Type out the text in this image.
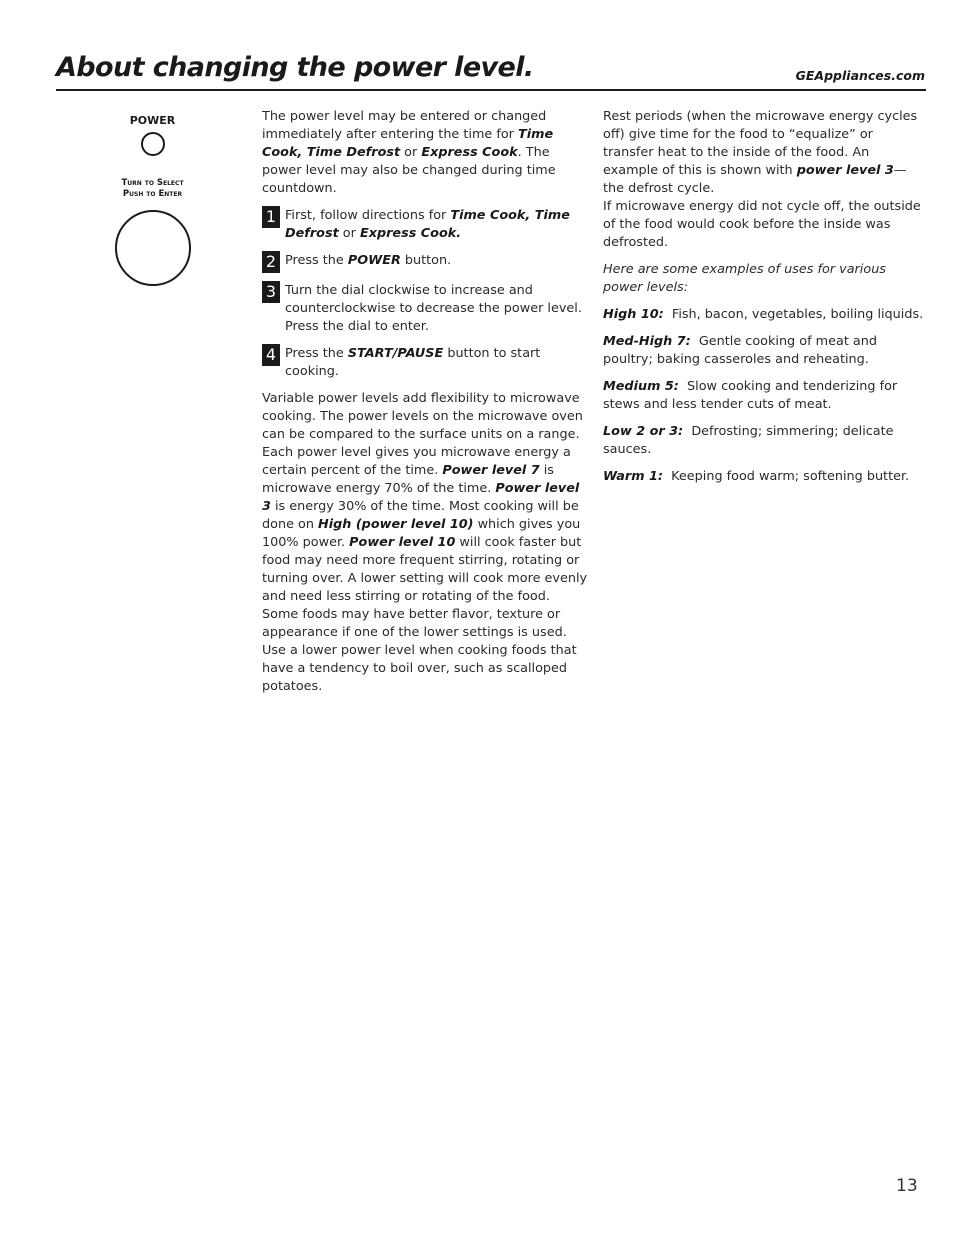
About changing the power level.	GEAppliances.com
POWER
Turn to Select
Push to Enter

The power level may be entered or changed immediately after entering the time for Time Cook, Time Defrost or Express Cook. The power level may also be changed during time countdown.

1 First, follow directions for Time Cook, Time Defrost or Express Cook.
2 Press the POWER button.
3 Turn the dial clockwise to increase and counterclockwise to decrease the power level. Press the dial to enter.
4 Press the START/PAUSE button to start cooking.

Variable power levels add flexibility to microwave cooking. The power levels on the microwave oven can be compared to the surface units on a range. Each power level gives you microwave energy a certain percent of the time. Power level 7 is microwave energy 70% of the time. Power level 3 is energy 30% of the time. Most cooking will be done on High (power level 10) which gives you 100% power. Power level 10 will cook faster but food may need more frequent stirring, rotating or turning over. A lower setting will cook more evenly and need less stirring or rotating of the food. Some foods may have better flavor, texture or appearance if one of the lower settings is used. Use a lower power level when cooking foods that have a tendency to boil over, such as scalloped potatoes.

Rest periods (when the microwave energy cycles off) give time for the food to “equalize” or transfer heat to the inside of the food. An example of this is shown with power level 3—the defrost cycle.

If microwave energy did not cycle off, the outside of the food would cook before the inside was defrosted.

Here are some examples of uses for various power levels:

High 10: Fish, bacon, vegetables, boiling liquids.

Med-High 7: Gentle cooking of meat and poultry; baking casseroles and reheating.

Medium 5: Slow cooking and tenderizing for stews and less tender cuts of meat.

Low 2 or 3: Defrosting; simmering; delicate sauces.

Warm 1: Keeping food warm; softening butter.

13
